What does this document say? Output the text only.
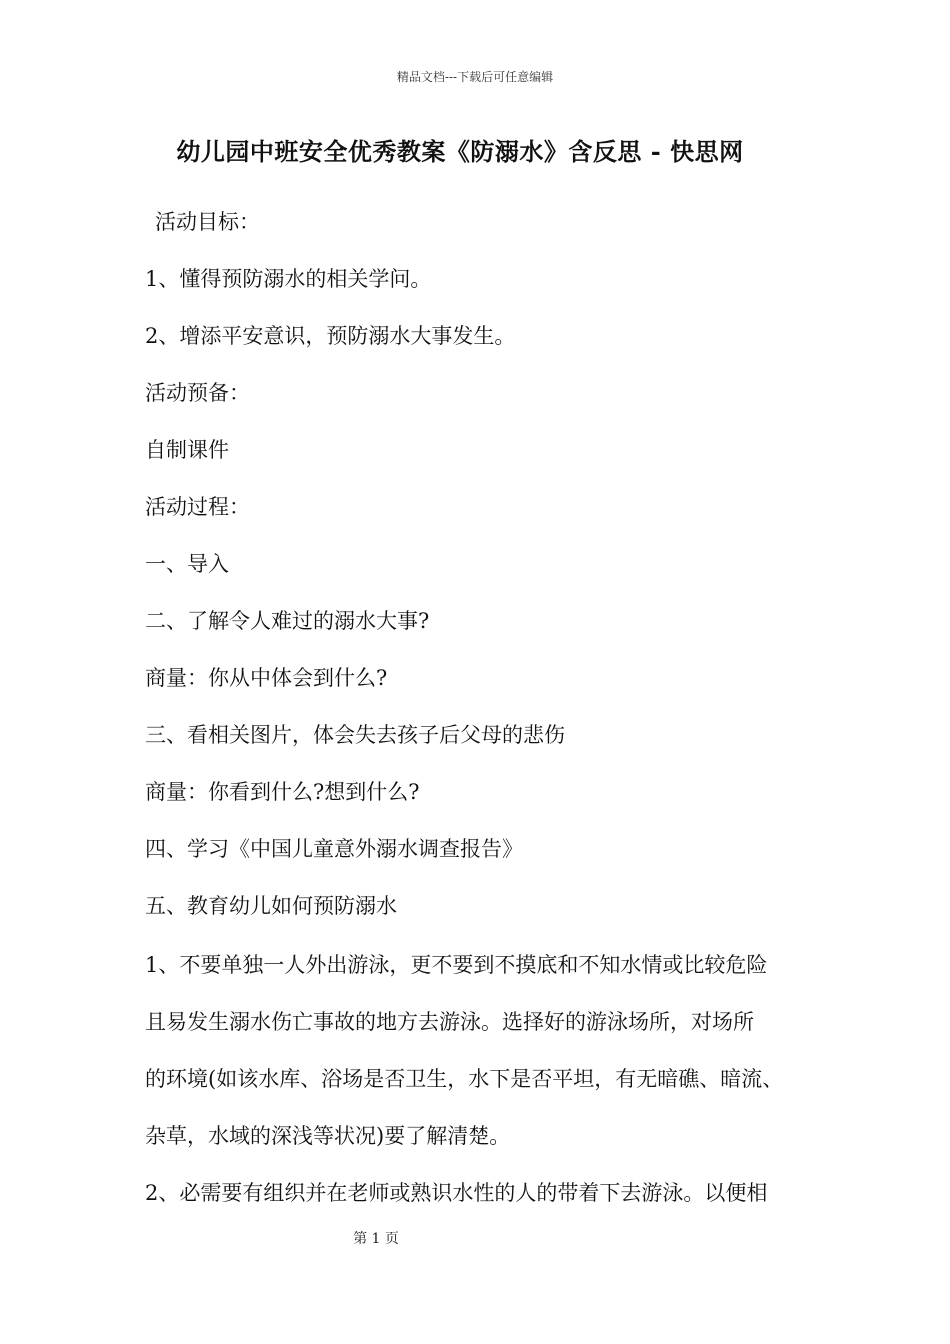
精品文档---下载后可任意编辑
幼儿园中班安全优秀教案《防溺水》含反思 - 快思网
活动目标：
1、懂得预防溺水的相关学问。
2、增添平安意识，预防溺水大事发生。
活动预备：
自制课件
活动过程：
一、导入
二、了解令人难过的溺水大事?
商量：你从中体会到什么?
三、看相关图片，体会失去孩子后父母的悲伤
商量：你看到什么?想到什么?
四、学习《中国儿童意外溺水调查报告》
五、教育幼儿如何预防溺水
1、不要单独一人外出游泳，更不要到不摸底和不知水情或比较危险
且易发生溺水伤亡事故的地方去游泳。选择好的游泳场所，对场所
的环境(如该水库、浴场是否卫生，水下是否平坦，有无暗礁、暗流、
杂草，水域的深浅等状况)要了解清楚。
2、必需要有组织并在老师或熟识水性的人的带着下去游泳。以便相
第 1 页
